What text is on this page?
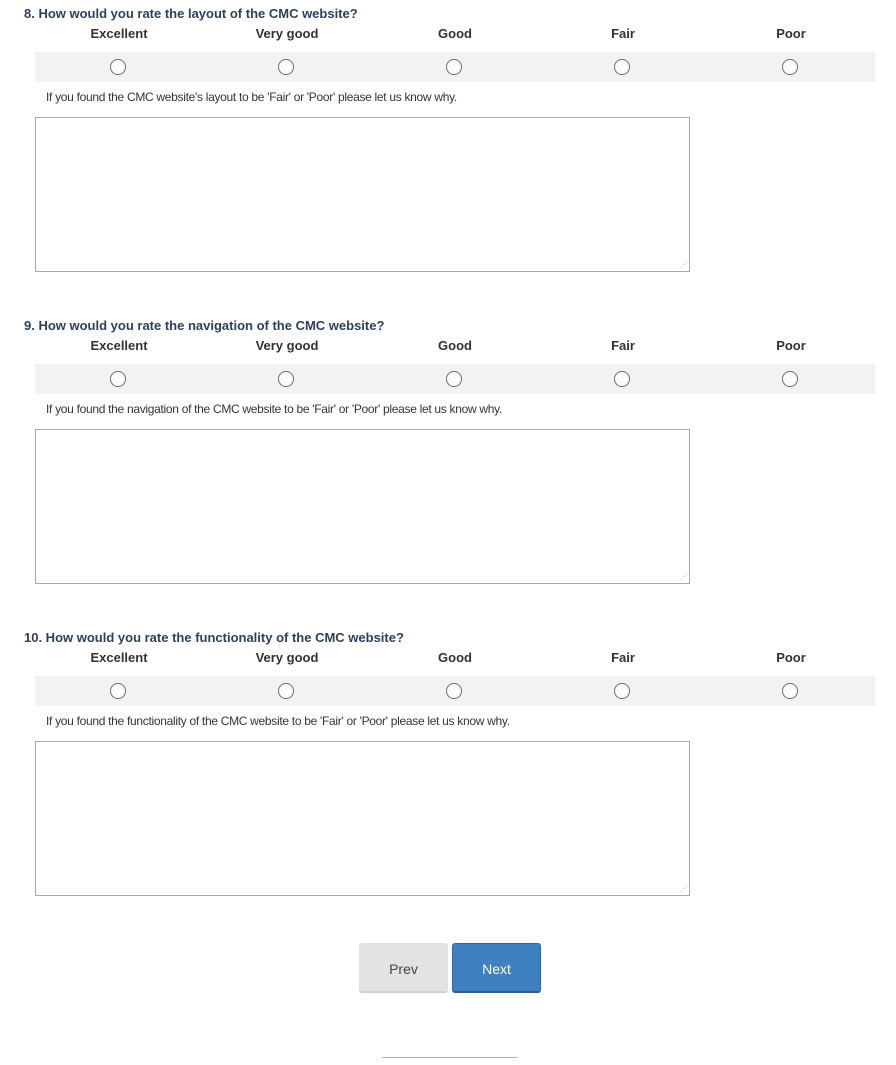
8. How would you rate the layout of the CMC website?
Excellent	Very good	Good	Fair	Poor
If you found the CMC website's layout to be 'Fair' or 'Poor' please let us know why.
⋰
9. How would you rate the navigation of the CMC website?
Excellent	Very good	Good	Fair	Poor
If you found the navigation of the CMC website to be 'Fair' or 'Poor' please let us know why.
⋰
10. How would you rate the functionality of the CMC website?
Excellent	Very good	Good	Fair	Poor
If you found the functionality of the CMC website to be 'Fair' or 'Poor' please let us know why.
⋰
Prev	Next
